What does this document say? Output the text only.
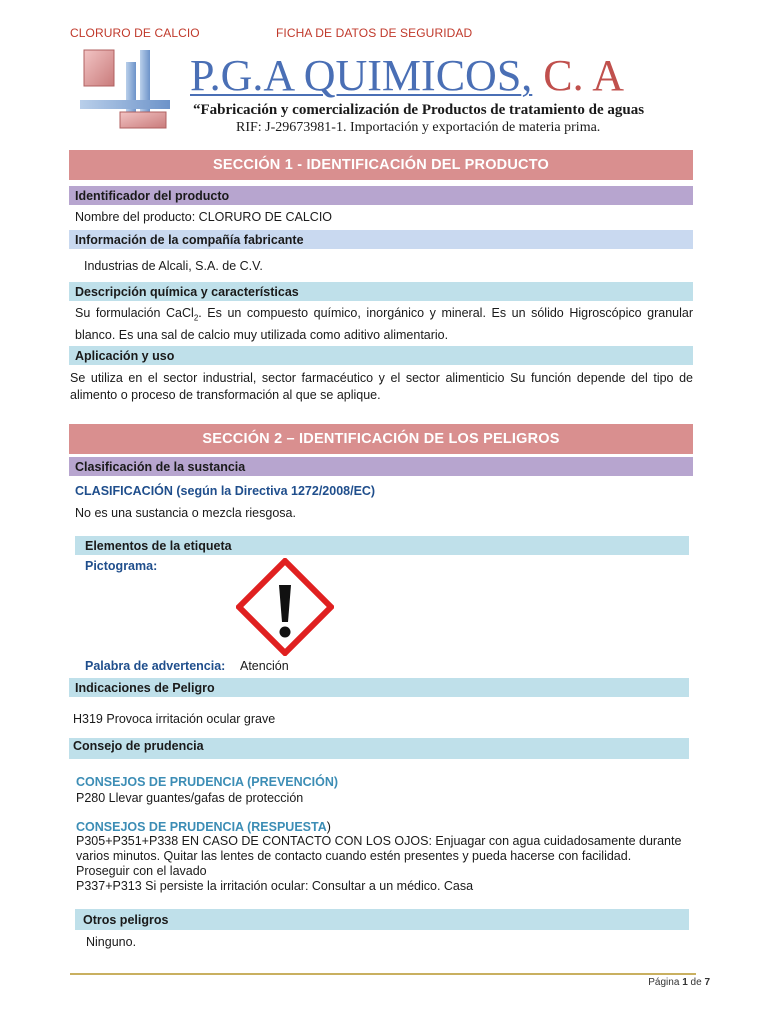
CLORURO DE CALCIO	FICHA DE DATOS DE SEGURIDAD
P.G.A QUIMICOS, C. A
“Fabricación y comercialización de Productos de tratamiento de aguas
RIF: J-29673981-1. Importación y exportación de materia prima.
SECCIÓN 1 - IDENTIFICACIÓN DEL PRODUCTO
Identificador del producto
Nombre del producto: CLORURO DE CALCIO
Información de la compañía fabricante
Industrias de Alcali, S.A. de C.V.
Descripción química y características
Su formulación CaCl$_2$. Es un compuesto químico, inorgánico y mineral. Es un sólido Higroscópico granular blanco. Es una sal de calcio muy utilizada como aditivo alimentario.
Aplicación y uso
Se utiliza en el sector industrial, sector farmacéutico y el sector alimenticio Su función depende del tipo de alimento o proceso de transformación al que se aplique.
SECCIÓN 2 – IDENTIFICACIÓN DE LOS PELIGROS
Clasificación de la sustancia
CLASIFICACIÓN (según la Directiva 1272/2008/EC)
No es una sustancia o mezcla riesgosa.
Elementos de la etiqueta
Pictograma:
Palabra de advertencia: Atención
Indicaciones de Peligro
H319 Provoca irritación ocular grave
Consejo de prudencia
CONSEJOS DE PRUDENCIA (PREVENCIÓN)
P280 Llevar guantes/gafas de protección
CONSEJOS DE PRUDENCIA (RESPUESTA)
P305+P351+P338 EN CASO DE CONTACTO CON LOS OJOS: Enjuagar con agua cuidadosamente durante
varios minutos. Quitar las lentes de contacto cuando estén presentes y pueda hacerse con facilidad.
Proseguir con el lavado
P337+P313 Si persiste la irritación ocular: Consultar a un médico. Casa
Otros peligros
Ninguno.
Página 1 de 7
